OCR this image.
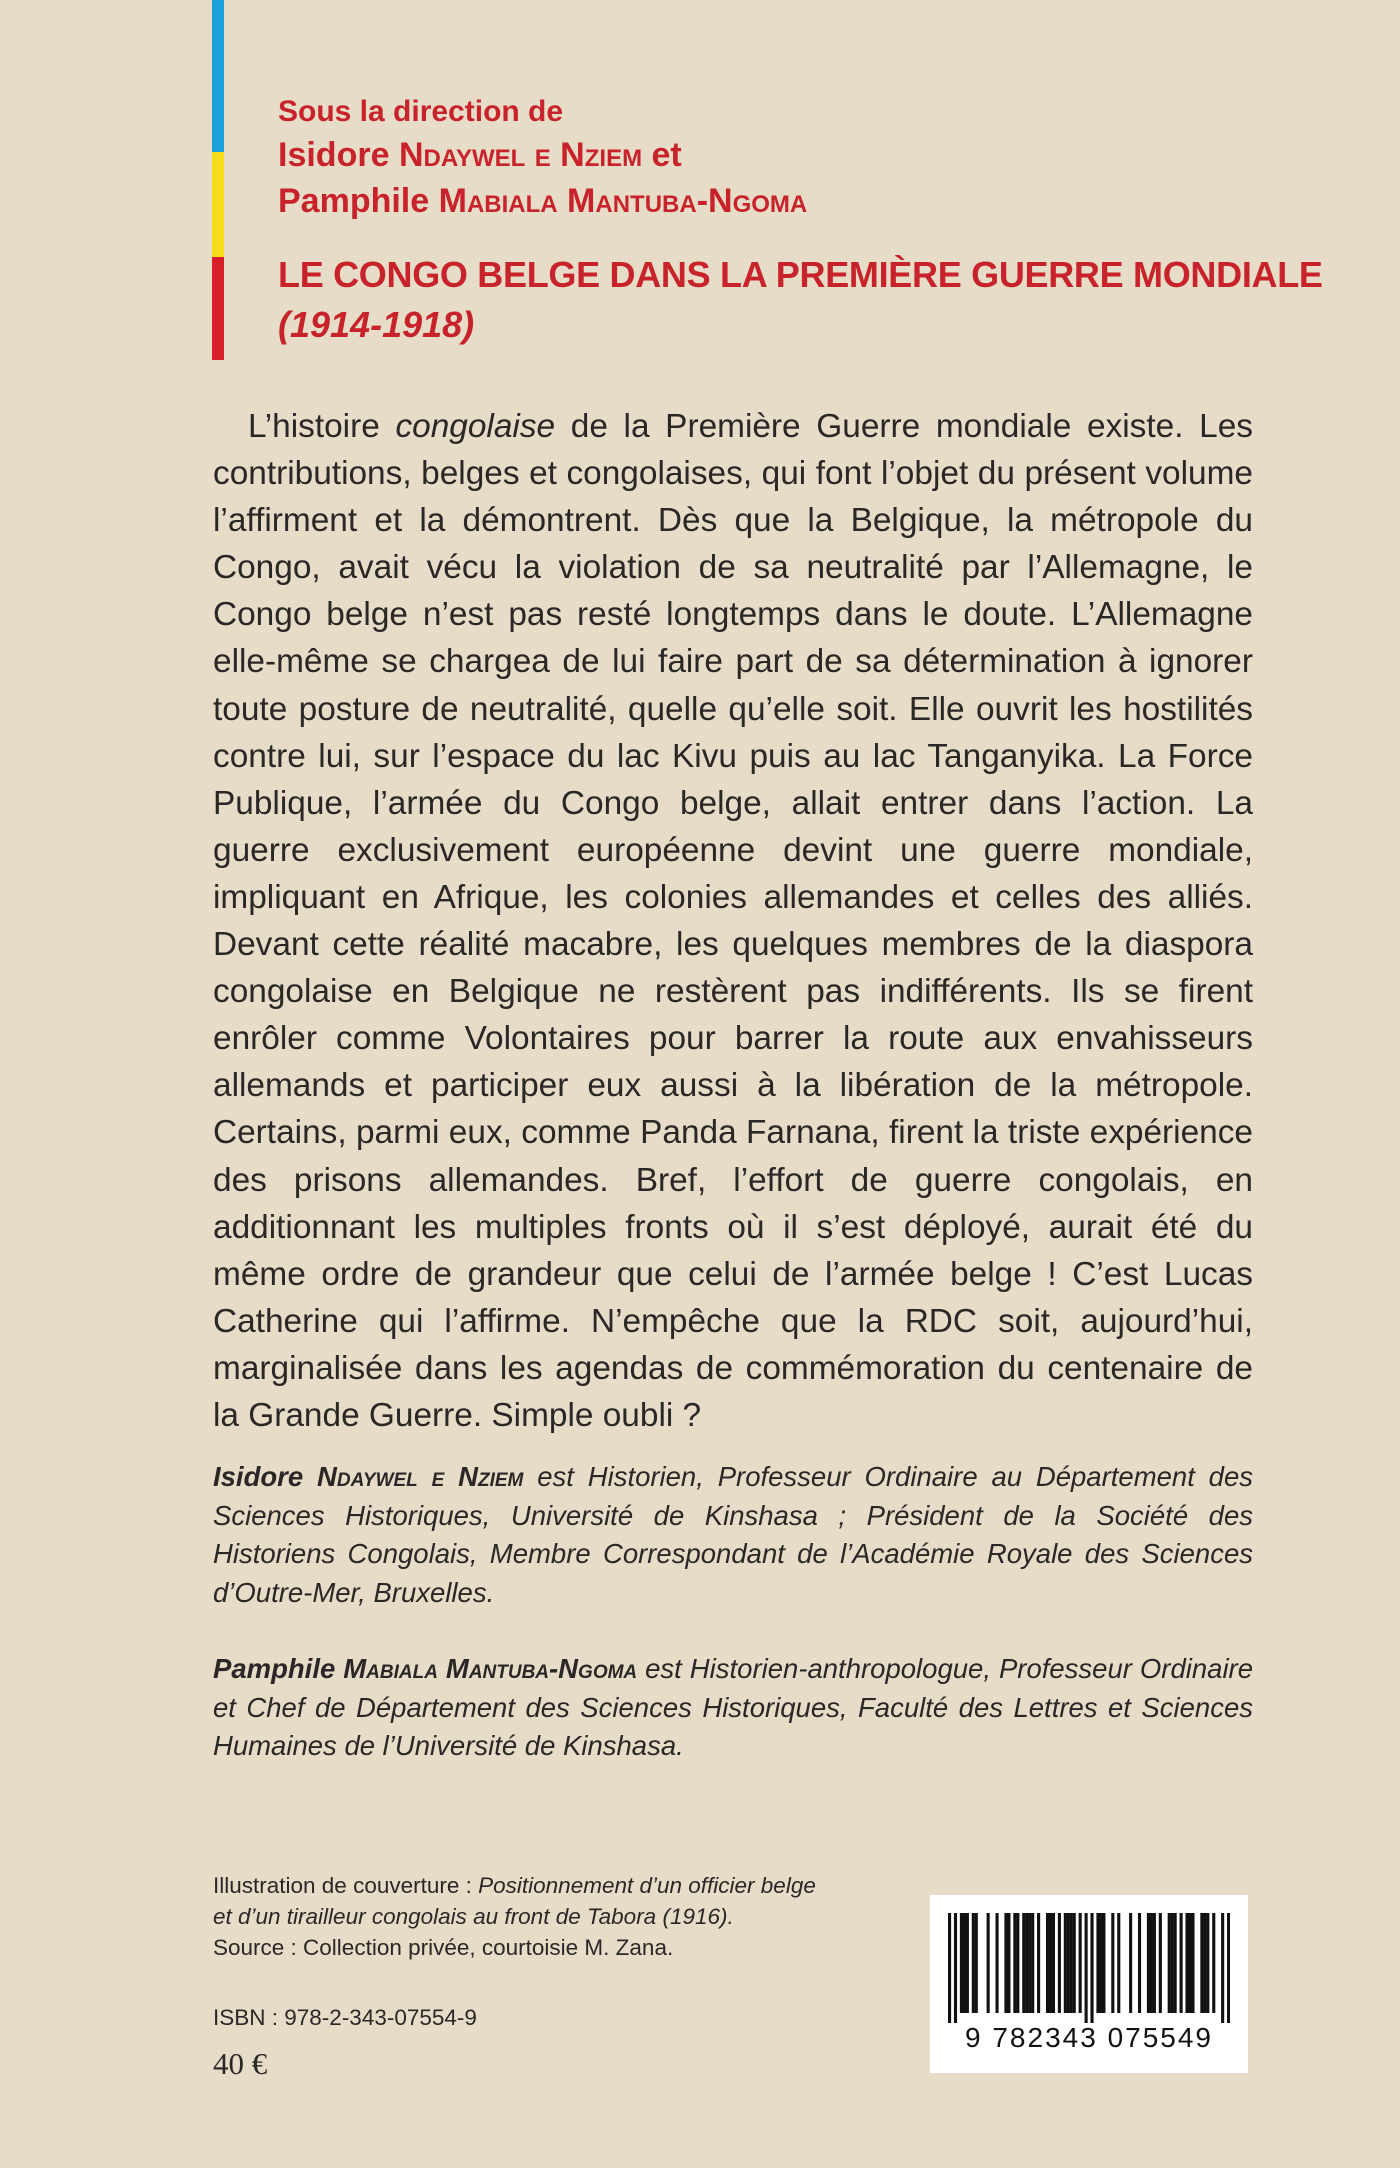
Sous la direction de
Isidore Ndaywel e Nziem et
Pamphile Mabiala Mantuba-Ngoma
LE CONGO BELGE DANS LA PREMIÈRE GUERRE MONDIALE
(1914-1918)

L’histoire congolaise de la Première Guerre mondiale existe. Les contributions, belges et congolaises, qui font l’objet du présent volume l’affirment et la démontrent. Dès que la Belgique, la métropole du Congo, avait vécu la violation de sa neutralité par l’Allemagne, le Congo belge n’est pas resté longtemps dans le doute. L’Allemagne elle-même se chargea de lui faire part de sa détermination à ignorer toute posture de neutralité, quelle qu’elle soit. Elle ouvrit les hostilités contre lui, sur l’espace du lac Kivu puis au lac Tanganyika. La Force Publique, l’armée du Congo belge, allait entrer dans l’action. La guerre exclusivement européenne devint une guerre mondiale, impliquant en Afrique, les colonies allemandes et celles des alliés. Devant cette réalité macabre, les quelques membres de la diaspora congolaise en Belgique ne restèrent pas indifférents. Ils se firent enrôler comme Volontaires pour barrer la route aux envahisseurs allemands et participer eux aussi à la libération de la métropole. Certains, parmi eux, comme Panda Farnana, firent la triste expérience des prisons allemandes. Bref, l’effort de guerre congolais, en additionnant les multiples fronts où il s’est déployé, aurait été du même ordre de grandeur que celui de l’armée belge ! C’est Lucas Catherine qui l’affirme. N’empêche que la RDC soit, aujourd’hui, marginalisée dans les agendas de commémoration du centenaire de la Grande Guerre. Simple oubli ?

Isidore Ndaywel e Nziem est Historien, Professeur Ordinaire au Département des Sciences Historiques, Université de Kinshasa ; Président de la Société des Historiens Congolais, Membre Correspondant de l’Académie Royale des Sciences d’Outre-Mer, Bruxelles.

Pamphile Mabiala Mantuba-Ngoma est Historien-anthropologue, Professeur Ordinaire et Chef de Département des Sciences Historiques, Faculté des Lettres et Sciences Humaines de l’Université de Kinshasa.

Illustration de couverture : Positionnement d’un officier belge
et d’un tirailleur congolais au front de Tabora (1916).
Source : Collection privée, courtoisie M. Zana.
ISBN : 978-2-343-07554-9
40 €
9 782343 075549
